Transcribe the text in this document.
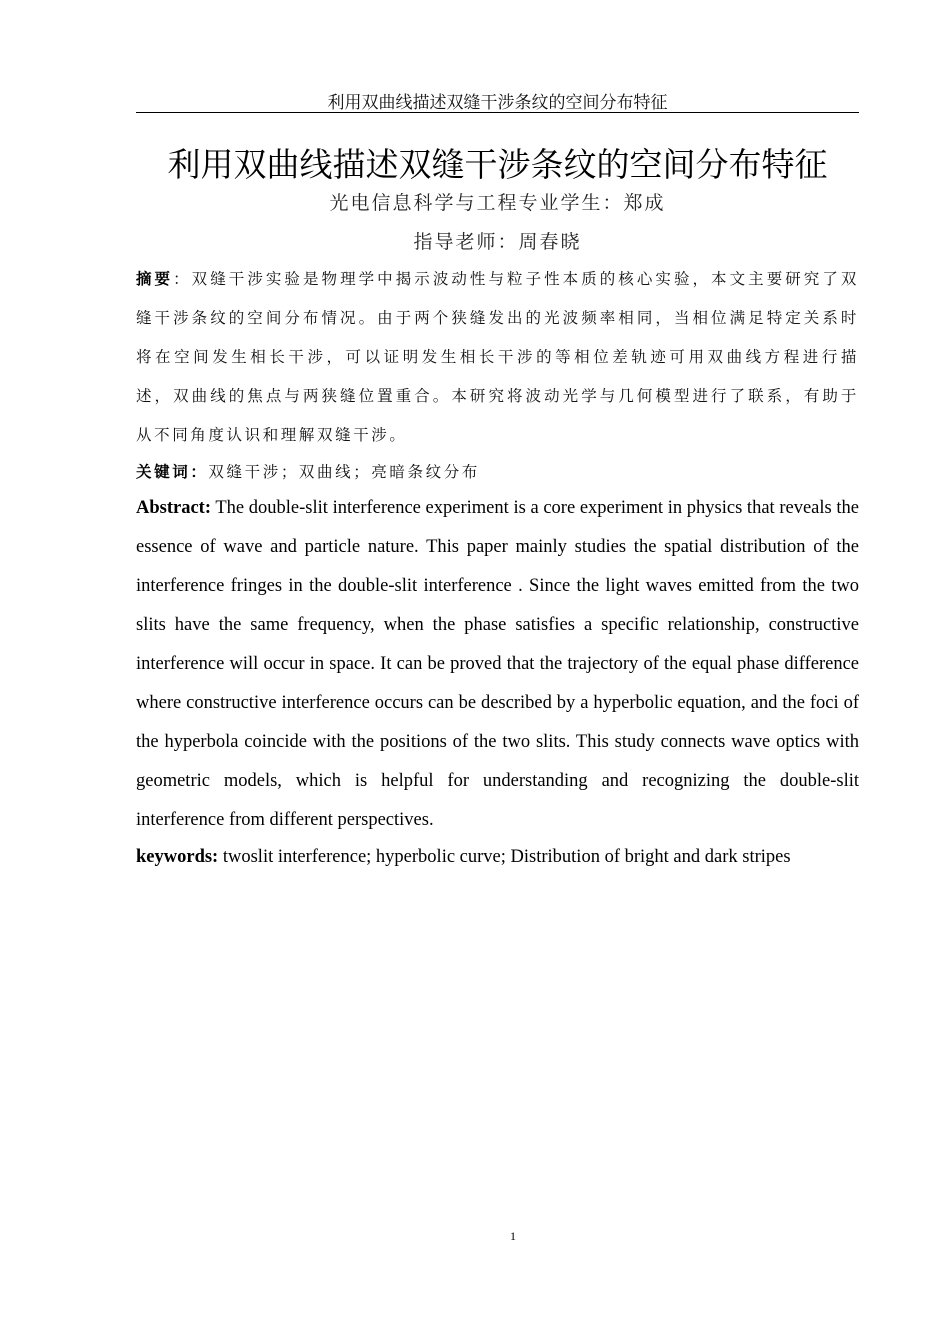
利用双曲线描述双缝干涉条纹的空间分布特征
利用双曲线描述双缝干涉条纹的空间分布特征
光电信息科学与工程专业学生：郑成
指导老师：周春晓
摘要：双缝干涉实验是物理学中揭示波动性与粒子性本质的核心实验，本文主要研究了双缝干涉条纹的空间分布情况。由于两个狭缝发出的光波频率相同，当相位满足特定关系时将在空间发生相长干涉，可以证明发生相长干涉的等相位差轨迹可用双曲线方程进行描述，双曲线的焦点与两狭缝位置重合。本研究将波动光学与几何模型进行了联系，有助于从不同角度认识和理解双缝干涉。
关键词：双缝干涉；双曲线；亮暗条纹分布
Abstract: The double-slit interference experiment is a core experiment in physics that reveals the essence of wave and particle nature. This paper mainly studies the spatial distribution of the interference fringes in the double-slit interference . Since the light waves emitted from the two slits have the same frequency, when the phase satisfies a specific relationship, constructive interference will occur in space. It can be proved that the trajectory of the equal phase difference where constructive interference occurs can be described by a hyperbolic equation, and the foci of the hyperbola coincide with the positions of the two slits. This study connects wave optics with geometric models, which is helpful for understanding and recognizing the double-slit interference from different perspectives.
keywords: twoslit interference; hyperbolic curve; Distribution of bright and dark stripes
1
